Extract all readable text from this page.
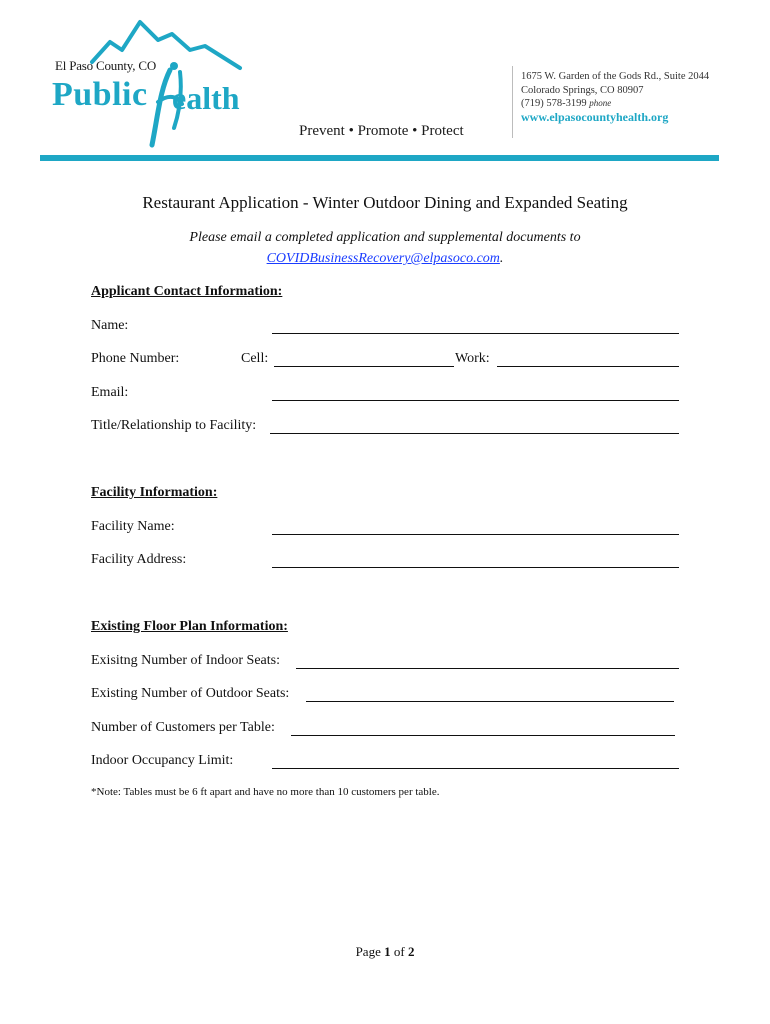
El Paso County, CO
Public ealth
Prevent • Promote • Protect
1675 W. Garden of the Gods Rd., Suite 2044
Colorado Springs, CO 80907
(719) 578-3199 phone
www.elpasocountyhealth.org
Restaurant Application - Winter Outdoor Dining and Expanded Seating
Please email a completed application and supplemental documents to
COVIDBusinessRecovery@elpasoco.com.
Applicant Contact Information:
Name:
Phone Number:	Cell:	Work:
Email:
Title/Relationship to Facility:
Facility Information:
Facility Name:
Facility Address:
Existing Floor Plan Information:
Exisitng Number of Indoor Seats:
Existing Number of Outdoor Seats:
Number of Customers per Table:
Indoor Occupancy Limit:
*Note: Tables must be 6 ft apart and have no more than 10 customers per table.
Page 1 of 2
